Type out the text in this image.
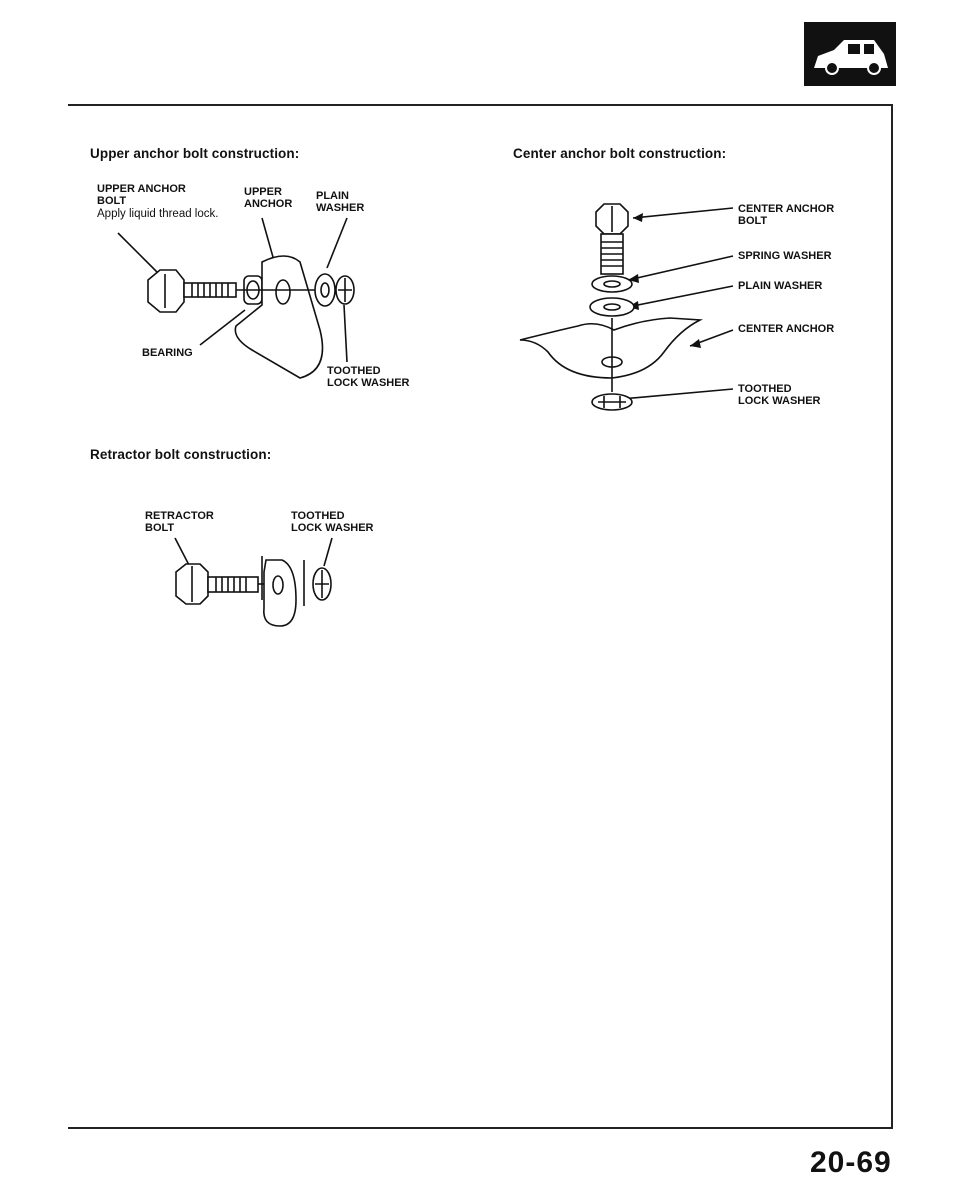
Upper anchor bolt construction:
UPPER ANCHOR
BOLT
Apply liquid thread lock.
UPPER
ANCHOR
PLAIN
WASHER
BEARING
TOOTHED
LOCK WASHER
Center anchor bolt construction:
CENTER ANCHOR
BOLT
SPRING WASHER
PLAIN WASHER
CENTER ANCHOR
TOOTHED
LOCK WASHER
Retractor bolt construction:
RETRACTOR
BOLT
TOOTHED
LOCK WASHER
20-69
